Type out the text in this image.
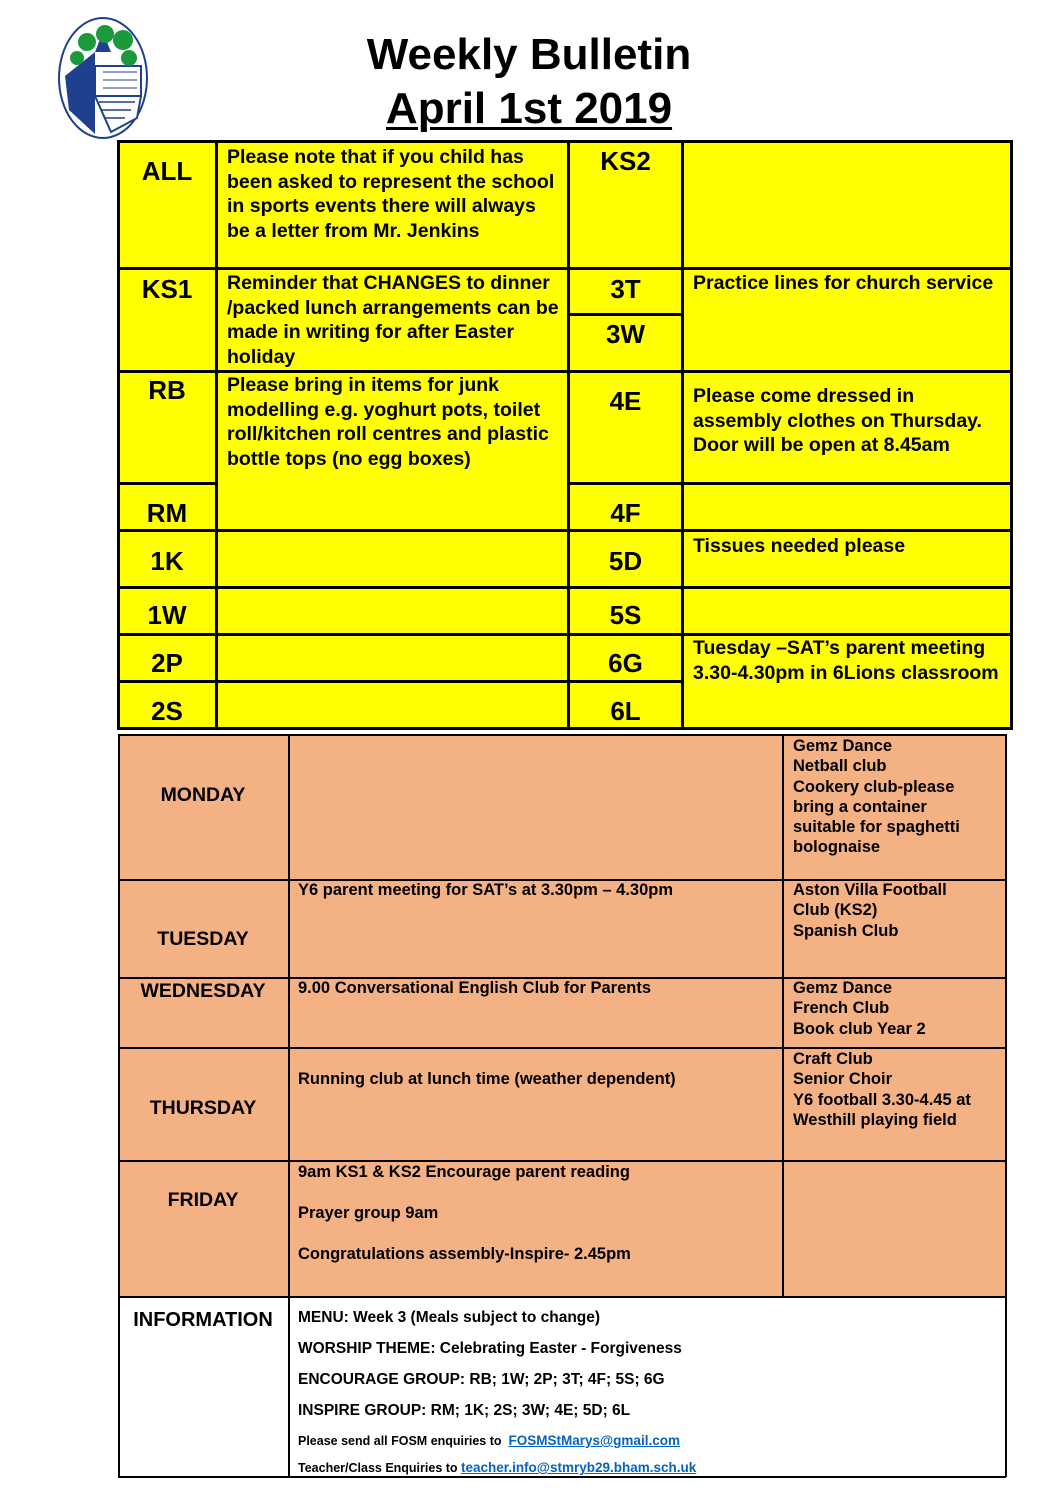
Weekly Bulletin
April 1st 2019
ALL
KS1
RB
RM
1K
1W
2P
2S
Please note that if you child has been asked to represent the school in sports events there will always be a letter from Mr. Jenkins
Reminder that CHANGES to dinner /packed lunch arrangements can be made in writing for after Easter holiday
Please bring in items for junk modelling e.g. yoghurt pots, toilet roll/kitchen roll centres and plastic bottle tops (no egg boxes)
KS2
3T
3W
4E
4F
5D
5S
6G
6L
Practice lines for church service
Please come dressed in assembly clothes on Thursday. Door will be open at 8.45am
Tissues needed please
Tuesday –SAT’s parent meeting 3.30-4.30pm in 6Lions classroom
MONDAY
TUESDAY
WEDNESDAY
THURSDAY
FRIDAY
Y6 parent meeting for SAT’s at 3.30pm – 4.30pm
9.00 Conversational English Club for Parents
Running club at lunch time (weather dependent)
9am KS1 & KS2 Encourage parent reading
Prayer group 9am
Congratulations assembly-Inspire- 2.45pm
Gemz Dance
Netball club
Cookery club-please
bring a container
suitable for spaghetti
bolognaise
Aston Villa Football
Club (KS2)
Spanish Club
Gemz Dance
French Club
Book club Year 2
Craft Club
Senior Choir
Y6 football 3.30-4.45 at
Westhill playing field
INFORMATION	MENU: Week 3 (Meals subject to change)
WORSHIP THEME: Celebrating Easter - Forgiveness
ENCOURAGE GROUP: RB; 1W; 2P; 3T; 4F; 5S; 6G
INSPIRE GROUP: RM; 1K; 2S; 3W; 4E; 5D; 6L
Please send all FOSM enquiries to FOSMStMarys@gmail.com
Teacher/Class Enquiries to teacher.info@stmryb29.bham.sch.uk
